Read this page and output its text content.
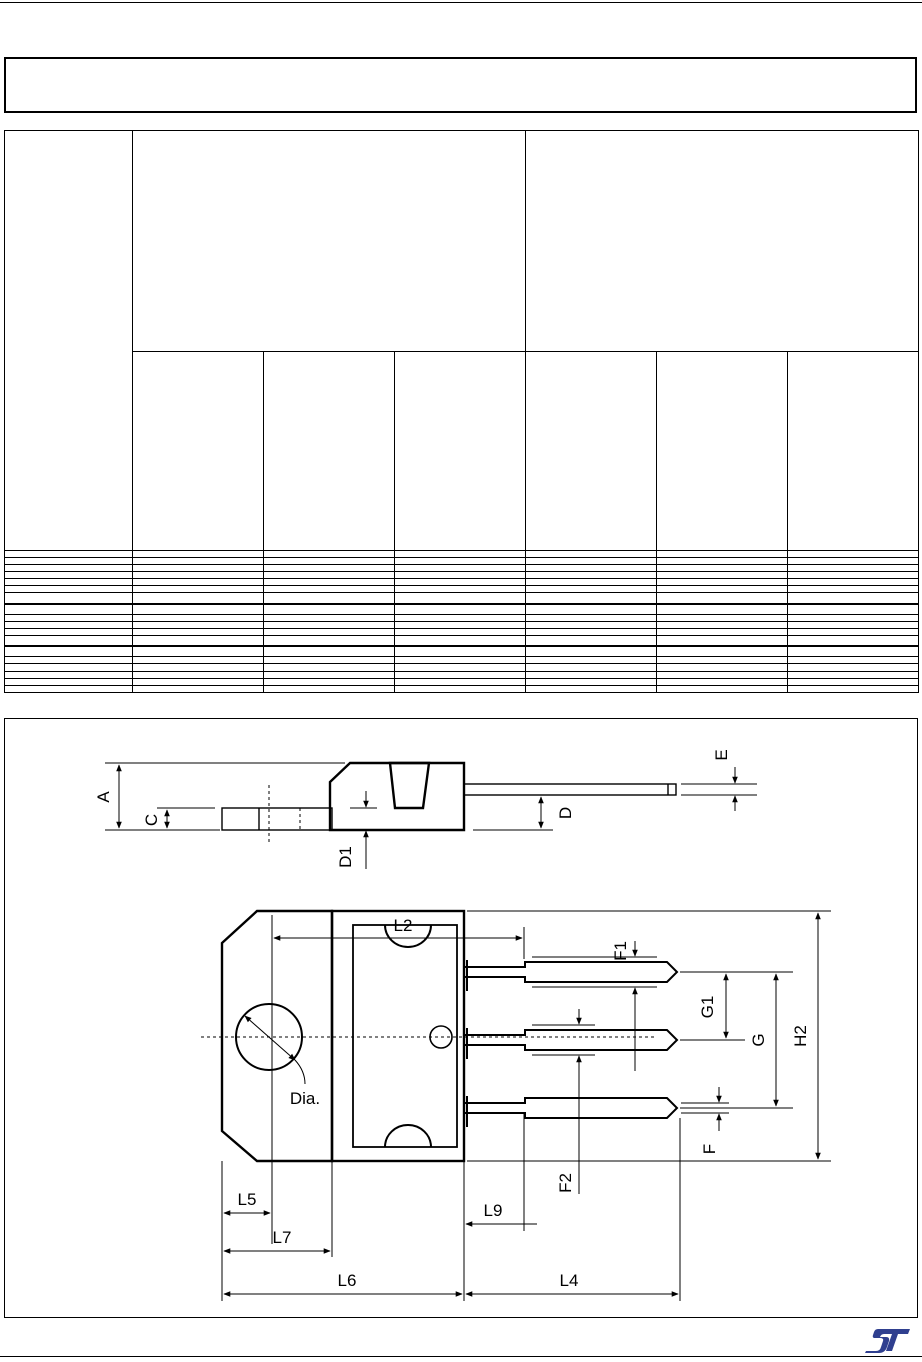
A
C
D
D1
E
L2
F1
G1
G H2
Dia.
F
F2
L5
L7
L9
L6	L4
